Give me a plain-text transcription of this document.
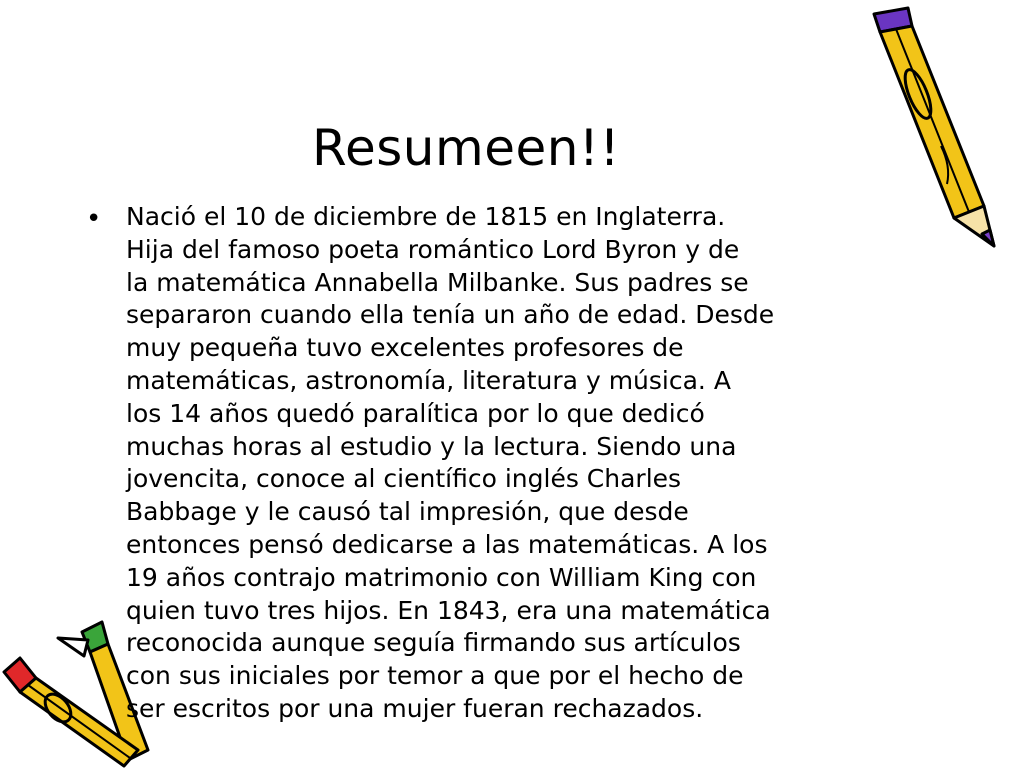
Resumeen!!
• Nació el 10 de diciembre de 1815 en Inglaterra.
Hija del famoso poeta romántico Lord Byron y de
la matemática Annabella Milbanke. Sus padres se
separaron cuando ella tenía un año de edad. Desde
muy pequeña tuvo excelentes profesores de
matemáticas, astronomía, literatura y música. A
los 14 años quedó paralítica por lo que dedicó
muchas horas al estudio y la lectura. Siendo una
jovencita, conoce al científico inglés Charles
Babbage y le causó tal impresión, que desde
entonces pensó dedicarse a las matemáticas. A los
19 años contrajo matrimonio con William King con
quien tuvo tres hijos. En 1843, era una matemática
reconocida aunque seguía firmando sus artículos
con sus iniciales por temor a que por el hecho de
ser escritos por una mujer fueran rechazados.
